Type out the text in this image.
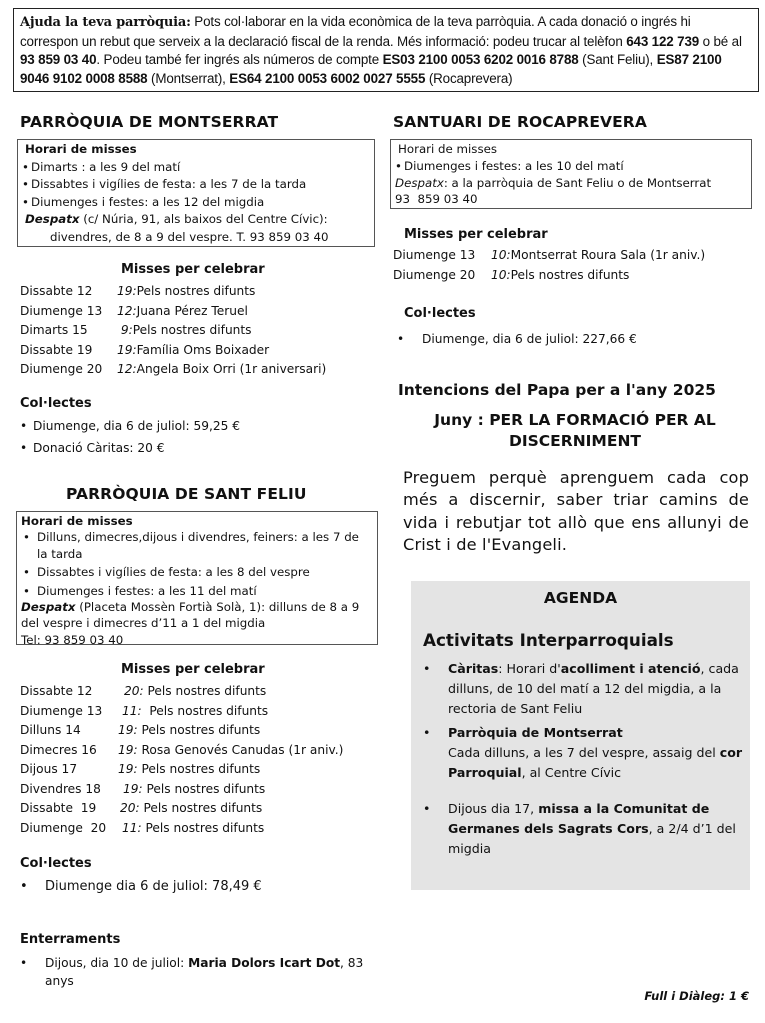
Ajuda la teva parròquia: Pots col·laborar en la vida econòmica de la teva parròquia. A cada donació o ingrés hi correspon un rebut que serveix a la declaració fiscal de la renda. Més informació: podeu trucar al telèfon 643 122 739 o bé al 93 859 03 40. Podeu també fer ingrés als números de compte ES03 2100 0053 6202 0016 8788 (Sant Feliu), ES87 2100 9046 9102 0008 8588 (Montserrat), ES64 2100 0053 6002 0027 5555 (Rocaprevera)
PARRÒQUIA DE MONTSERRAT
Horari de misses
• Dimarts : a les 9 del matí
• Dissabtes i vigílies de festa: a les 7 de la tarda
• Diumenges i festes: a les 12 del migdia
Despatx (c/ Núria, 91, als baixos del Centre Cívic):
divendres, de 8 a 9 del vespre. T. 93 859 03 40
Misses per celebrar
Dissabte 12	19: Pels nostres difunts
Diumenge 13	12: Juana Pérez Teruel
Dimarts 15	9: Pels nostres difunts
Dissabte 19	19: Família Oms Boixader
Diumenge 20	12: Angela Boix Orri (1r aniversari)
Col·lectes
• Diumenge, dia 6 de juliol: 59,25 €
• Donació Càritas: 20 €
PARRÒQUIA DE SANT FELIU
Horari de misses
• Dilluns, dimecres,dijous i divendres, feiners: a les 7 de la tarda
• Dissabtes i vigílies de festa: a les 8 del vespre
• Diumenges i festes: a les 11 del matí
Despatx (Placeta Mossèn Fortià Solà, 1): dilluns de 8 a 9 del vespre i dimecres d’11 a 1 del migdia
Tel: 93 859 03 40
Misses per celebrar
Dissabte 12	20: Pels nostres difunts
Diumenge 13	11: Pels nostres difunts
Dilluns 14	19: Pels nostres difunts
Dimecres 16	19: Rosa Genovés Canudas (1r aniv.)
Dijous 17	19: Pels nostres difunts
Divendres 18	19: Pels nostres difunts
Dissabte  19	20: Pels nostres difunts
Diumenge  20	11: Pels nostres difunts
Col·lectes
• Diumenge dia 6 de juliol: 78,49 €
Enterraments
• Dijous, dia 10 de juliol: Maria Dolors Icart Dot, 83 anys
SANTUARI DE ROCAPREVERA
Horari de misses
• Diumenges i festes: a les 10 del matí
Despatx: a la parròquia de Sant Feliu o de Montserrat
93  859 03 40
Misses per celebrar
Diumenge 13	10: Montserrat Roura Sala (1r aniv.)
Diumenge 20	10: Pels nostres difunts
Col·lectes
• Diumenge, dia 6 de juliol: 227,66 €
Intencions del Papa per a l'any 2025
Juny : PER LA FORMACIÓ PER AL DISCERNIMENT

Preguem perquè aprenguem cada cop més a discernir, saber triar camins de vida i rebutjar tot allò que ens allunyi de Crist i de l'Evangeli.

AGENDA
Activitats Interparroquials
• Càritas: Horari d'acolliment i atenció, cada dilluns, de 10 del matí a 12 del migdia, a la rectoria de Sant Feliu
• Parròquia de Montserrat
Cada dilluns, a les 7 del vespre, assaig del cor Parroquial, al Centre Cívic
• Dijous dia 17, missa a la Comunitat de Germanes dels Sagrats Cors, a 2/4 d’1 del migdia
Full i Diàleg: 1 €
